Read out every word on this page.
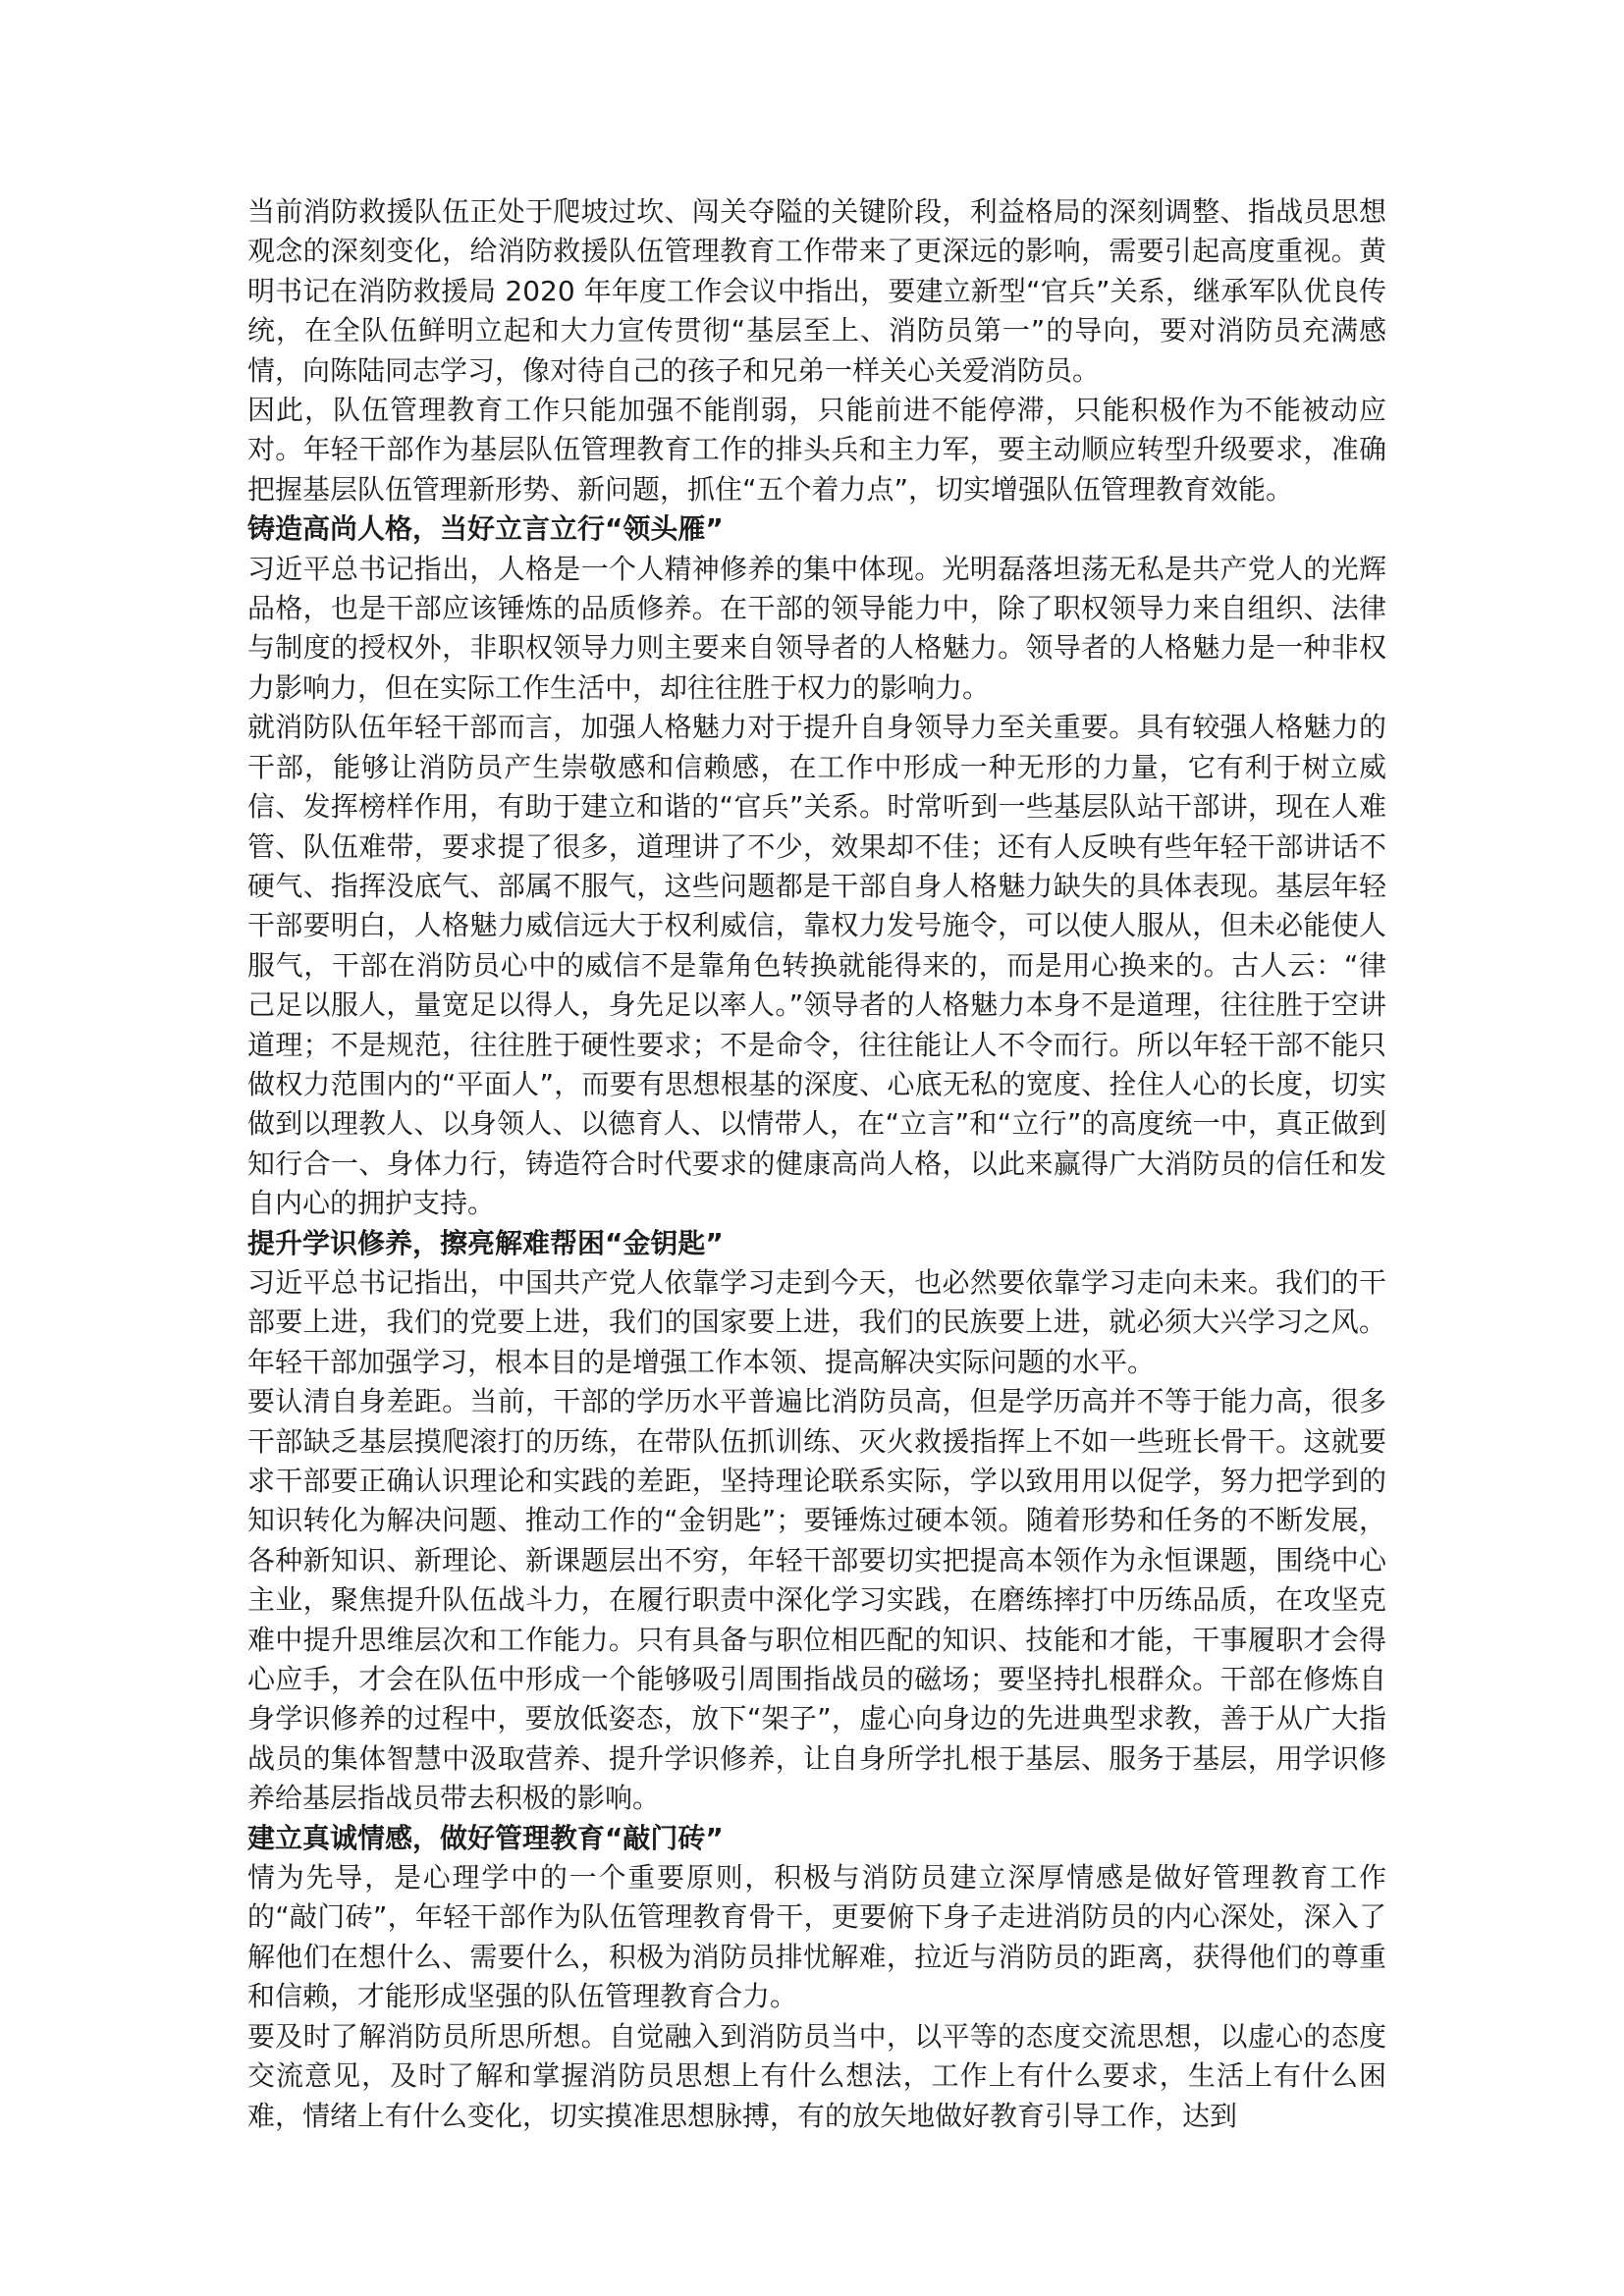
当前消防救援队伍正处于爬坡过坎、闯关夺隘的关键阶段，利益格局的深刻调整、指战员思想观念的深刻变化，给消防救援队伍管理教育工作带来了更深远的影响，需要引起高度重视。黄明书记在消防救援局 2020 年年度工作会议中指出，要建立新型“官兵”关系，继承军队优良传统，在全队伍鲜明立起和大力宣传贯彻“基层至上、消防员第一”的导向，要对消防员充满感情，向陈陆同志学习，像对待自己的孩子和兄弟一样关心关爱消防员。

因此，队伍管理教育工作只能加强不能削弱，只能前进不能停滞，只能积极作为不能被动应对。年轻干部作为基层队伍管理教育工作的排头兵和主力军，要主动顺应转型升级要求，准确把握基层队伍管理新形势、新问题，抓住“五个着力点”，切实增强队伍管理教育效能。

铸造高尚人格，当好立言立行“领头雁”

习近平总书记指出，人格是一个人精神修养的集中体现。光明磊落坦荡无私是共产党人的光辉品格，也是干部应该锤炼的品质修养。在干部的领导能力中，除了职权领导力来自组织、法律与制度的授权外，非职权领导力则主要来自领导者的人格魅力。领导者的人格魅力是一种非权力影响力，但在实际工作生活中，却往往胜于权力的影响力。

就消防队伍年轻干部而言，加强人格魅力对于提升自身领导力至关重要。具有较强人格魅力的干部，能够让消防员产生崇敬感和信赖感，在工作中形成一种无形的力量，它有利于树立威信、发挥榜样作用，有助于建立和谐的“官兵”关系。时常听到一些基层队站干部讲，现在人难管、队伍难带，要求提了很多，道理讲了不少，效果却不佳；还有人反映有些年轻干部讲话不硬气、指挥没底气、部属不服气，这些问题都是干部自身人格魅力缺失的具体表现。基层年轻干部要明白，人格魅力威信远大于权利威信，靠权力发号施令，可以使人服从，但未必能使人服气，干部在消防员心中的威信不是靠角色转换就能得来的，而是用心换来的。古人云：“律己足以服人，量宽足以得人，身先足以率人。”领导者的人格魅力本身不是道理，往往胜于空讲道理；不是规范，往往胜于硬性要求；不是命令，往往能让人不令而行。所以年轻干部不能只做权力范围内的“平面人”，而要有思想根基的深度、心底无私的宽度、拴住人心的长度，切实做到以理教人、以身领人、以德育人、以情带人，在“立言”和“立行”的高度统一中，真正做到知行合一、身体力行，铸造符合时代要求的健康高尚人格，以此来赢得广大消防员的信任和发自内心的拥护支持。

提升学识修养，擦亮解难帮困“金钥匙”

习近平总书记指出，中国共产党人依靠学习走到今天，也必然要依靠学习走向未来。我们的干部要上进，我们的党要上进，我们的国家要上进，我们的民族要上进，就必须大兴学习之风。年轻干部加强学习，根本目的是增强工作本领、提高解决实际问题的水平。

要认清自身差距。当前，干部的学历水平普遍比消防员高，但是学历高并不等于能力高，很多干部缺乏基层摸爬滚打的历练，在带队伍抓训练、灭火救援指挥上不如一些班长骨干。这就要求干部要正确认识理论和实践的差距，坚持理论联系实际，学以致用用以促学，努力把学到的知识转化为解决问题、推动工作的“金钥匙”；要锤炼过硬本领。随着形势和任务的不断发展，各种新知识、新理论、新课题层出不穷，年轻干部要切实把提高本领作为永恒课题，围绕中心主业，聚焦提升队伍战斗力，在履行职责中深化学习实践，在磨练摔打中历练品质，在攻坚克难中提升思维层次和工作能力。只有具备与职位相匹配的知识、技能和才能，干事履职才会得心应手，才会在队伍中形成一个能够吸引周围指战员的磁场；要坚持扎根群众。干部在修炼自身学识修养的过程中，要放低姿态，放下“架子”，虚心向身边的先进典型求教，善于从广大指战员的集体智慧中汲取营养、提升学识修养，让自身所学扎根于基层、服务于基层，用学识修养给基层指战员带去积极的影响。

建立真诚情感，做好管理教育“敲门砖”

情为先导，是心理学中的一个重要原则，积极与消防员建立深厚情感是做好管理教育工作的“敲门砖”，年轻干部作为队伍管理教育骨干，更要俯下身子走进消防员的内心深处，深入了解他们在想什么、需要什么，积极为消防员排忧解难，拉近与消防员的距离，获得他们的尊重和信赖，才能形成坚强的队伍管理教育合力。

要及时了解消防员所思所想。自觉融入到消防员当中，以平等的态度交流思想，以虚心的态度交流意见，及时了解和掌握消防员思想上有什么想法，工作上有什么要求，生活上有什么困难，情绪上有什么变化，切实摸准思想脉搏，有的放矢地做好教育引导工作，达到
